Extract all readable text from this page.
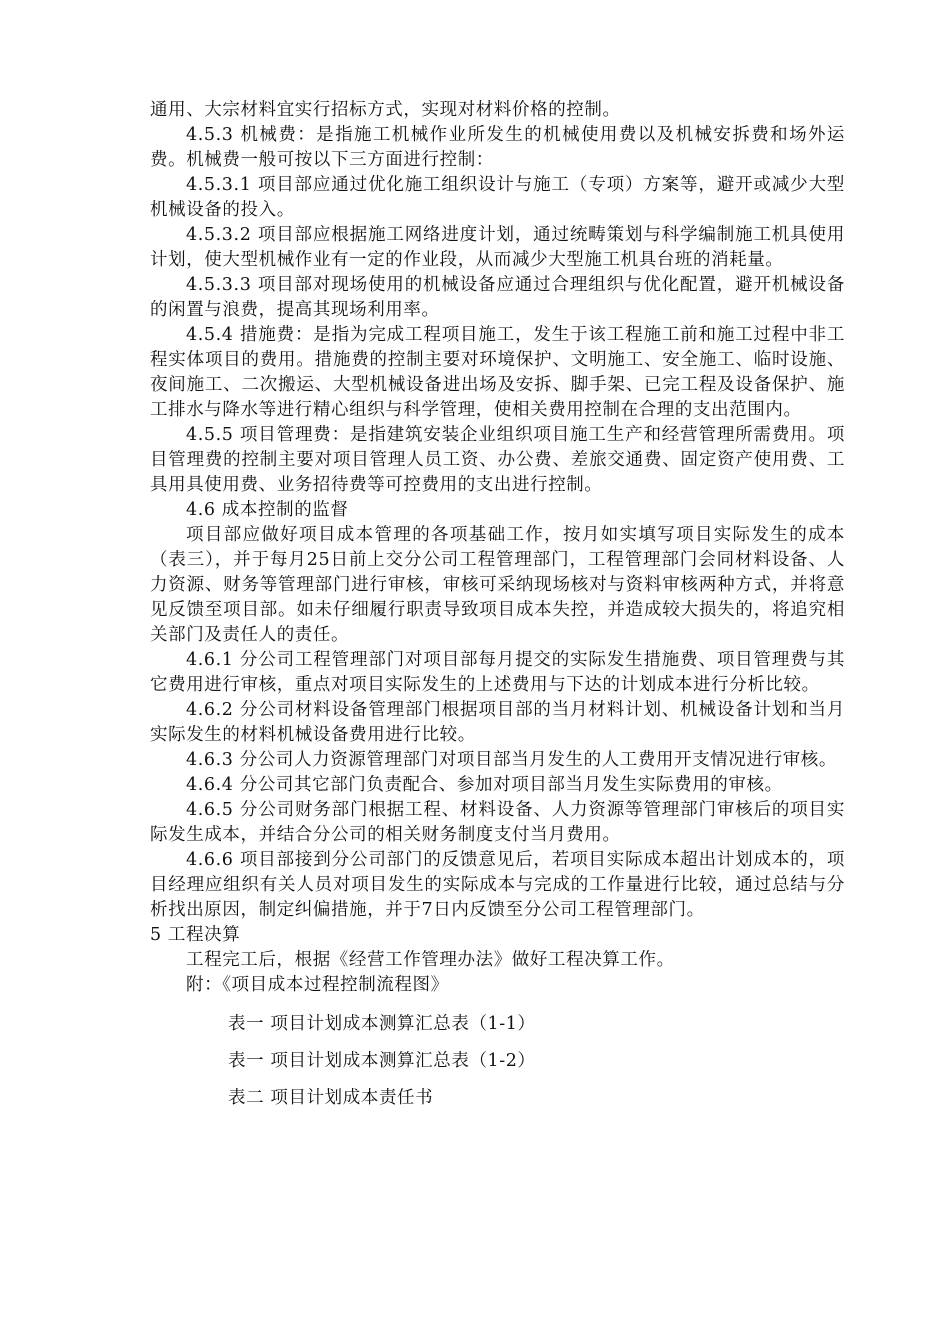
通用、大宗材料宜实行招标方式，实现对材料价格的控制。

4.5.3 机械费：是指施工机械作业所发生的机械使用费以及机械安拆费和场外运费。机械费一般可按以下三方面进行控制：

4.5.3.1 项目部应通过优化施工组织设计与施工（专项）方案等，避开或减少大型机械设备的投入。

4.5.3.2 项目部应根据施工网络进度计划，通过统畴策划与科学编制施工机具使用计划，使大型机械作业有一定的作业段，从而减少大型施工机具台班的消耗量。

4.5.3.3 项目部对现场使用的机械设备应通过合理组织与优化配置，避开机械设备的闲置与浪费，提高其现场利用率。

4.5.4 措施费：是指为完成工程项目施工，发生于该工程施工前和施工过程中非工程实体项目的费用。措施费的控制主要对环境保护、文明施工、安全施工、临时设施、夜间施工、二次搬运、大型机械设备进出场及安拆、脚手架、已完工程及设备保护、施工排水与降水等进行精心组织与科学管理，使相关费用控制在合理的支出范围内。

4.5.5 项目管理费：是指建筑安装企业组织项目施工生产和经营管理所需费用。项目管理费的控制主要对项目管理人员工资、办公费、差旅交通费、固定资产使用费、工具用具使用费、业务招待费等可控费用的支出进行控制。

4.6 成本控制的监督

项目部应做好项目成本管理的各项基础工作，按月如实填写项目实际发生的成本（表三），并于每月25日前上交分公司工程管理部门，工程管理部门会同材料设备、人力资源、财务等管理部门进行审核，审核可采纳现场核对与资料审核两种方式，并将意见反馈至项目部。如未仔细履行职责导致项目成本失控，并造成较大损失的，将追究相关部门及责任人的责任。

4.6.1 分公司工程管理部门对项目部每月提交的实际发生措施费、项目管理费与其它费用进行审核，重点对项目实际发生的上述费用与下达的计划成本进行分析比较。

4.6.2 分公司材料设备管理部门根据项目部的当月材料计划、机械设备计划和当月实际发生的材料机械设备费用进行比较。

4.6.3 分公司人力资源管理部门对项目部当月发生的人工费用开支情况进行审核。

4.6.4 分公司其它部门负责配合、参加对项目部当月发生实际费用的审核。

4.6.5 分公司财务部门根据工程、材料设备、人力资源等管理部门审核后的项目实际发生成本，并结合分公司的相关财务制度支付当月费用。

4.6.6 项目部接到分公司部门的反馈意见后，若项目实际成本超出计划成本的，项目经理应组织有关人员对项目发生的实际成本与完成的工作量进行比较，通过总结与分析找出原因，制定纠偏措施，并于7日内反馈至分公司工程管理部门。

5 工程决算

工程完工后，根据《经营工作管理办法》做好工程决算工作。

附：《项目成本过程控制流程图》

表一 项目计划成本测算汇总表（1-1）

表一 项目计划成本测算汇总表（1-2）

表二 项目计划成本责任书
